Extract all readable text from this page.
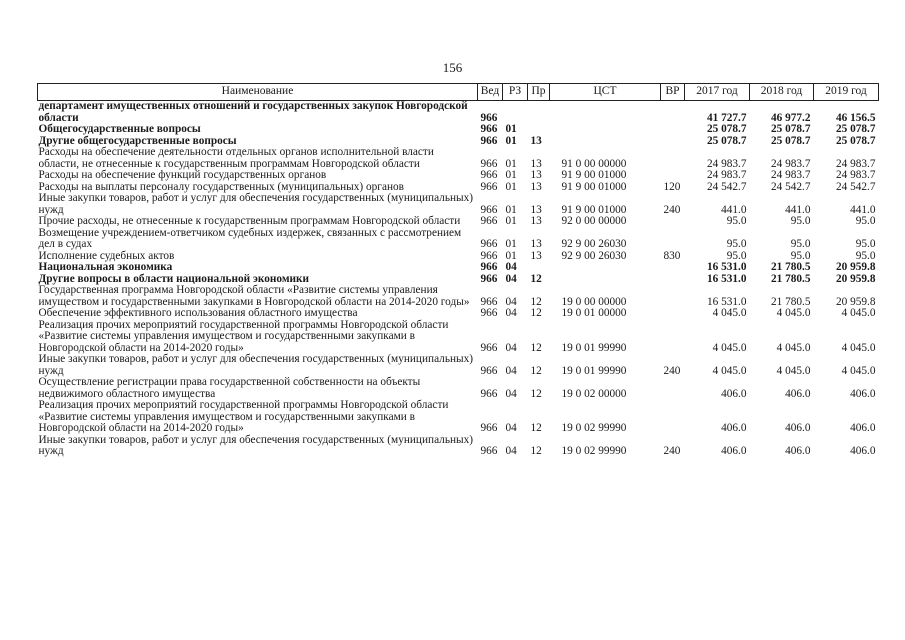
156
Наименование	Вед	РЗ	Пр	ЦСТ	ВР	2017 год	2018 год	2019 год
департамент имущественных отношений и государственных закупок Новгородской области	966					41 727.7	46 977.2	46 156.5
Общегосударственные вопросы	966	01				25 078.7	25 078.7	25 078.7
Другие общегосударственные вопросы	966	01	13			25 078.7	25 078.7	25 078.7
Расходы на обеспечение деятельности отдельных органов исполнительной власти области, не отнесенные к государственным программам Новгородской области	966	01	13	91 0 00 00000		24 983.7	24 983.7	24 983.7
Расходы на обеспечение функций государственных органов	966	01	13	91 9 00 01000		24 983.7	24 983.7	24 983.7
Расходы на выплаты персоналу государственных (муниципальных) органов	966	01	13	91 9 00 01000	120	24 542.7	24 542.7	24 542.7
Иные закупки товаров, работ и услуг для обеспечения государственных (муниципальных) нужд	966	01	13	91 9 00 01000	240	441.0	441.0	441.0
Прочие расходы, не отнесенные к государственным программам Новгородской области	966	01	13	92 0 00 00000		95.0	95.0	95.0
Возмещение учреждением-ответчиком судебных издержек, связанных с рассмотрением дел в судах	966	01	13	92 9 00 26030		95.0	95.0	95.0
Исполнение судебных актов	966	01	13	92 9 00 26030	830	95.0	95.0	95.0
Национальная экономика	966	04				16 531.0	21 780.5	20 959.8
Другие вопросы в области национальной экономики	966	04	12			16 531.0	21 780.5	20 959.8
Государственная программа Новгородской области «Развитие системы управления имуществом и государственными закупками в Новгородской области на 2014-2020 годы»	966	04	12	19 0 00 00000		16 531.0	21 780.5	20 959.8
Обеспечение эффективного использования областного имущества	966	04	12	19 0 01 00000		4 045.0	4 045.0	4 045.0
Реализация прочих мероприятий государственной программы Новгородской области «Развитие системы управления имуществом и государственными закупками в Новгородской области на 2014-2020 годы»	966	04	12	19 0 01 99990		4 045.0	4 045.0	4 045.0
Иные закупки товаров, работ и услуг для обеспечения государственных (муниципальных) нужд	966	04	12	19 0 01 99990	240	4 045.0	4 045.0	4 045.0
Осуществление регистрации права государственной собственности на объекты недвижимого областного имущества	966	04	12	19 0 02 00000		406.0	406.0	406.0
Реализация прочих мероприятий государственной программы Новгородской области «Развитие системы управления имуществом и государственными закупками в Новгородской области на 2014-2020 годы»	966	04	12	19 0 02 99990		406.0	406.0	406.0
Иные закупки товаров, работ и услуг для обеспечения государственных (муниципальных) нужд	966	04	12	19 0 02 99990	240	406.0	406.0	406.0
